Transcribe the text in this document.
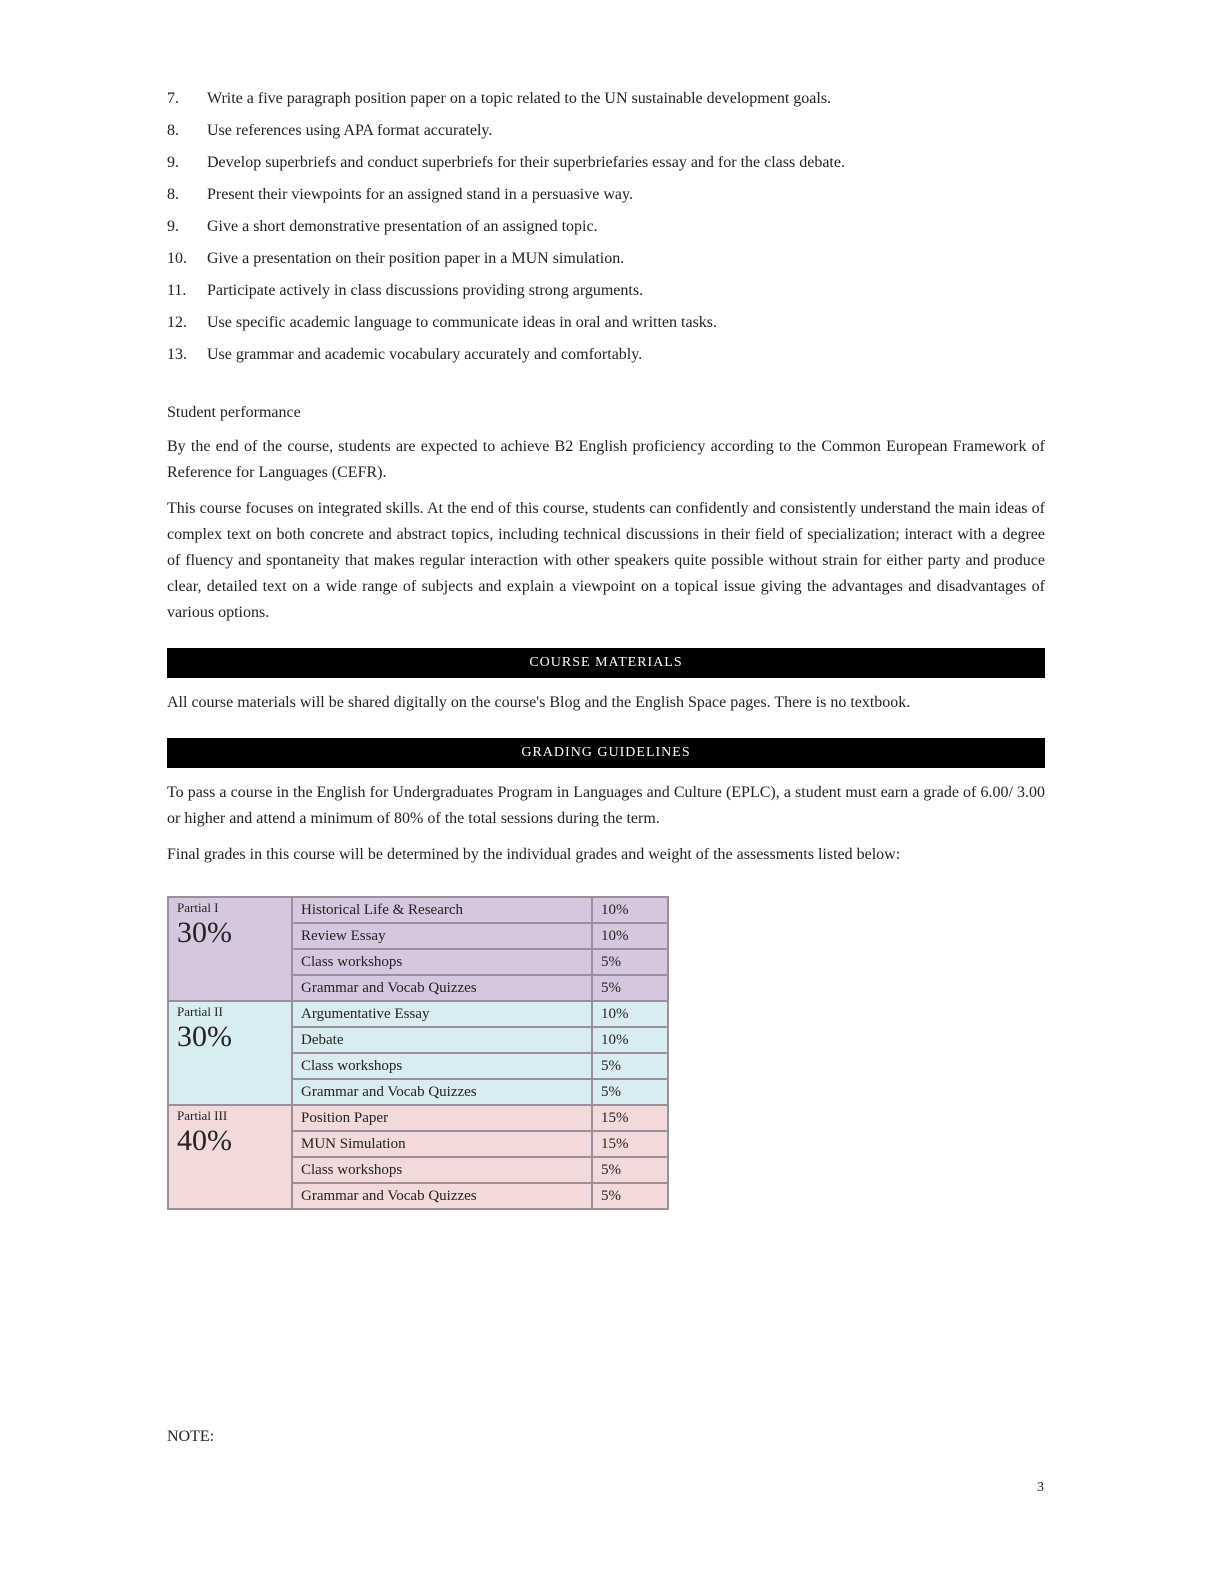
7.	Write a five paragraph position paper on a topic related to the UN sustainable development goals.
8.	Use references using APA format accurately.
9.	Develop superbriefs and conduct superbriefs for their superbriefaries essay and for the class debate.
8.	Present their viewpoints for an assigned stand in a persuasive way.
9.	Give a short demonstrative presentation of an assigned topic.
10.	Give a presentation on their position paper in a MUN simulation.
11.	Participate actively in class discussions providing strong arguments.
12.	Use specific academic language to communicate ideas in oral and written tasks.
13.	Use grammar and academic vocabulary accurately and comfortably.
Student performance

By the end of the course, students are expected to achieve B2 English proficiency according to the Common European Framework of Reference for Languages (CEFR).

This course focuses on integrated skills. At the end of this course, students can confidently and consistently understand the main ideas of complex text on both concrete and abstract topics, including technical discussions in their field of specialization; interact with a degree of fluency and spontaneity that makes regular interaction with other speakers quite possible without strain for either party and produce clear, detailed text on a wide range of subjects and explain a viewpoint on a topical issue giving the advantages and disadvantages of various options.

COURSE MATERIALS

All course materials will be shared digitally on the course's Blog and the English Space pages. There is no textbook.

GRADING GUIDELINES

To pass a course in the English for Undergraduates Program in Languages and Culture (EPLC), a student must earn a grade of 6.00/ 3.00 or higher and attend a minimum of 80% of the total sessions during the term.

Final grades in this course will be determined by the individual grades and weight of the assessments listed below:

Partial I
30%	Historical Life & Research	10%
	Review Essay	10%
	Class workshops	5%
	Grammar and Vocab Quizzes	5%

Partial II
30%	Argumentative Essay	10%
	Debate	10%
	Class workshops	5%
	Grammar and Vocab Quizzes	5%

Partial III
40%	Position Paper	15%
	MUN Simulation	15%
	Class workshops	5%
	Grammar and Vocab Quizzes	5%
NOTE:
3
